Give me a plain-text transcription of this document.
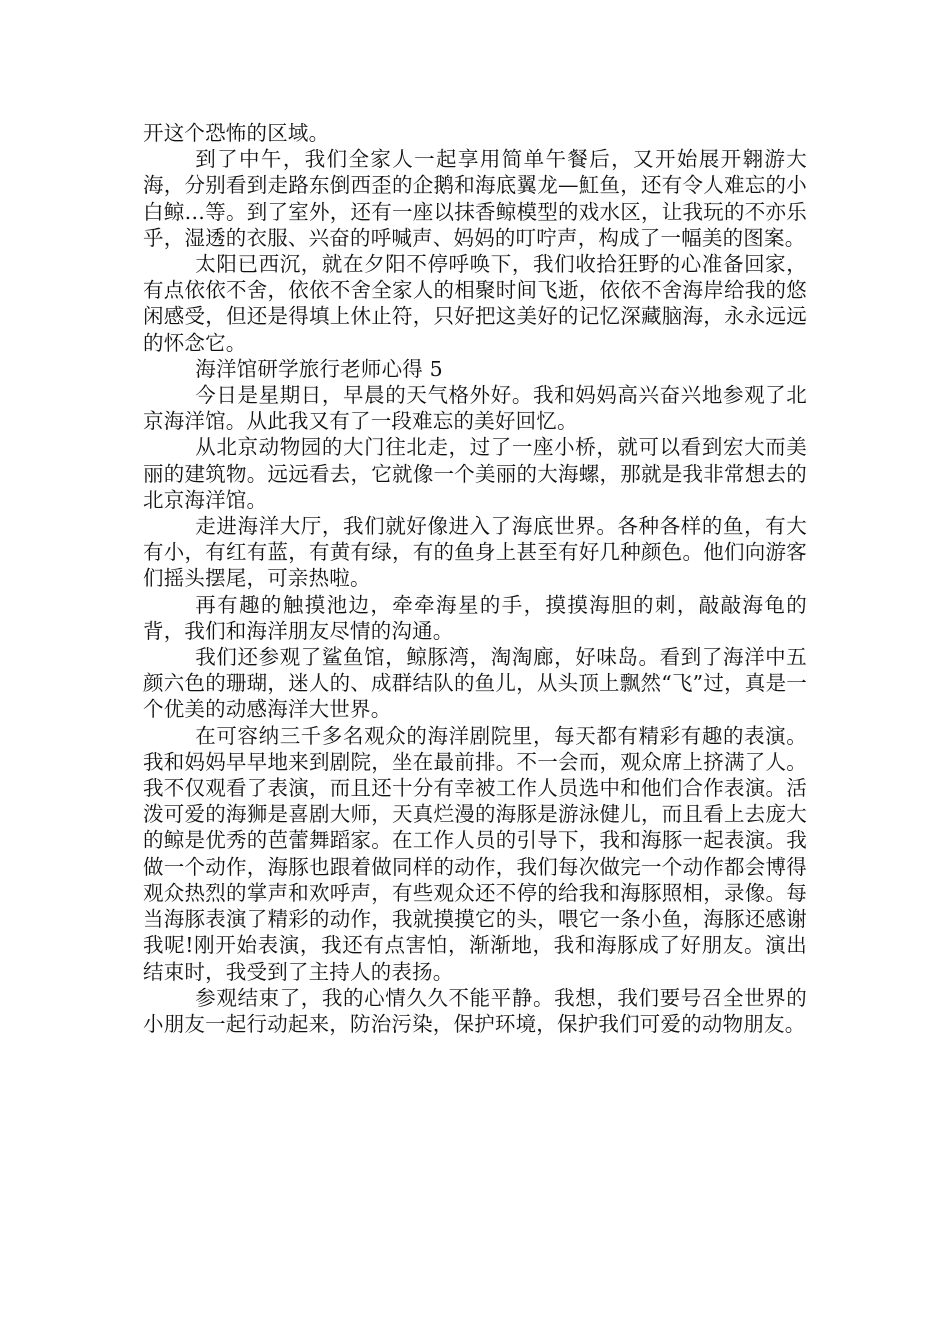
开这个恐怖的区域。

到了中午，我们全家人一起享用简单午餐后，又开始展开翱游大海，分别看到走路东倒西歪的企鹅和海底翼龙—魟鱼，还有令人难忘的小白鲸…等。到了室外，还有一座以抹香鲸模型的戏水区，让我玩的不亦乐乎，湿透的衣服、兴奋的呼喊声、妈妈的叮咛声，构成了一幅美的图案。

太阳已西沉，就在夕阳不停呼唤下，我们收拾狂野的心准备回家，有点依依不舍，依依不舍全家人的相聚时间飞逝，依依不舍海岸给我的悠闲感受，但还是得填上休止符，只好把这美好的记忆深藏脑海，永永远远的怀念它。

海洋馆研学旅行老师心得 5

今日是星期日，早晨的天气格外好。我和妈妈高兴奋兴地参观了北京海洋馆。从此我又有了一段难忘的美好回忆。

从北京动物园的大门往北走，过了一座小桥，就可以看到宏大而美丽的建筑物。远远看去，它就像一个美丽的大海螺，那就是我非常想去的北京海洋馆。

走进海洋大厅，我们就好像进入了海底世界。各种各样的鱼，有大有小，有红有蓝，有黄有绿，有的鱼身上甚至有好几种颜色。他们向游客们摇头摆尾，可亲热啦。

再有趣的触摸池边，牵牵海星的手，摸摸海胆的刺，敲敲海龟的背，我们和海洋朋友尽情的沟通。

我们还参观了鲨鱼馆，鲸豚湾，淘淘廊，好味岛。看到了海洋中五颜六色的珊瑚，迷人的、成群结队的鱼儿，从头顶上飘然“飞”过，真是一个优美的动感海洋大世界。

在可容纳三千多名观众的海洋剧院里，每天都有精彩有趣的表演。我和妈妈早早地来到剧院，坐在最前排。不一会而，观众席上挤满了人。我不仅观看了表演，而且还十分有幸被工作人员选中和他们合作表演。活泼可爱的海狮是喜剧大师，天真烂漫的海豚是游泳健儿，而且看上去庞大的鲸是优秀的芭蕾舞蹈家。在工作人员的引导下，我和海豚一起表演。我做一个动作，海豚也跟着做同样的动作，我们每次做完一个动作都会博得观众热烈的掌声和欢呼声，有些观众还不停的给我和海豚照相，录像。每当海豚表演了精彩的动作，我就摸摸它的头，喂它一条小鱼，海豚还感谢我呢!刚开始表演，我还有点害怕，渐渐地，我和海豚成了好朋友。演出结束时，我受到了主持人的表扬。

参观结束了，我的心情久久不能平静。我想，我们要号召全世界的小朋友一起行动起来，防治污染，保护环境，保护我们可爱的动物朋友。
